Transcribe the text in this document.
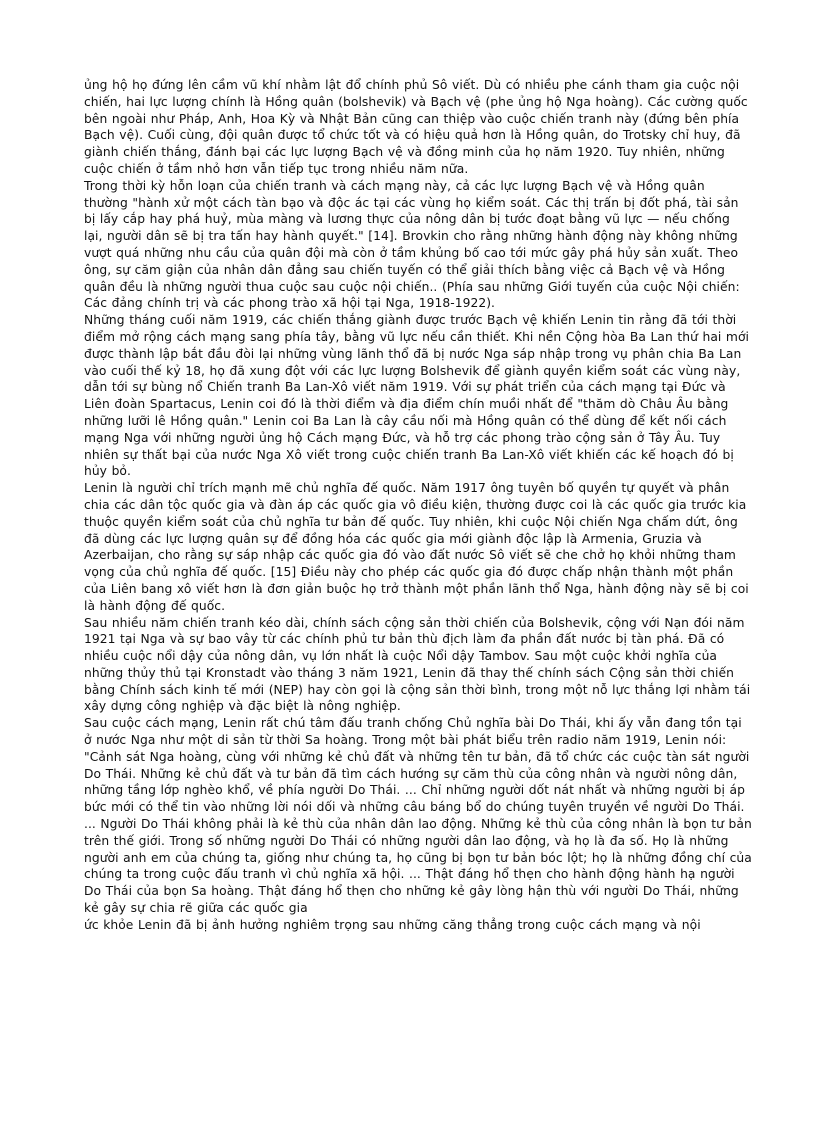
ủng hộ họ đứng lên cầm vũ khí nhằm lật đổ chính phủ Sô viết. Dù có nhiều phe cánh tham gia cuộc nội chiến, hai lực lượng chính là Hồng quân (bolshevik) và Bạch vệ (phe ủng hộ Nga hoàng). Các cường quốc bên ngoài như Pháp, Anh, Hoa Kỳ và Nhật Bản cũng can thiệp vào cuộc chiến tranh này (đứng bên phía Bạch vệ). Cuối cùng, đội quân được tổ chức tốt và có hiệu quả hơn là Hồng quân, do Trotsky chỉ huy, đã giành chiến thắng, đánh bại các lực lượng Bạch vệ và đồng minh của họ năm 1920. Tuy nhiên, những cuộc chiến ở tầm nhỏ hơn vẫn tiếp tục trong nhiều năm nữa.

Trong thời kỳ hỗn loạn của chiến tranh và cách mạng này, cả các lực lượng Bạch vệ và Hồng quân thường "hành xử một cách tàn bạo và độc ác tại các vùng họ kiểm soát. Các thị trấn bị đốt phá, tài sản bị lấy cắp hay phá huỷ, mùa màng và lương thực của nông dân bị tước đoạt bằng vũ lực — nếu chống lại, người dân sẽ bị tra tấn hay hành quyết." [14]. Brovkin cho rằng những hành động này không những vượt quá những nhu cầu của quân đội mà còn ở tầm khủng bố cao tới mức gây phá hủy sản xuất. Theo ông, sự căm giận của nhân dân đẳng sau chiến tuyến có thể giải thích bằng việc cả Bạch vệ và Hồng quân đều là những người thua cuộc sau cuộc nội chiến.. (Phía sau những Giới tuyến của cuộc Nội chiến: Các đảng chính trị và các phong trào xã hội tại Nga, 1918-1922).

Những tháng cuối năm 1919, các chiến thắng giành được trước Bạch vệ khiến Lenin tin rằng đã tới thời điểm mở rộng cách mạng sang phía tây, bằng vũ lực nếu cần thiết. Khi nền Cộng hòa Ba Lan thứ hai mới được thành lập bắt đầu đòi lại những vùng lãnh thổ đã bị nước Nga sáp nhập trong vụ phân chia Ba Lan vào cuối thế kỷ 18, họ đã xung đột với các lực lượng Bolshevik để giành quyền kiểm soát các vùng này, dẫn tới sự bùng nổ Chiến tranh Ba Lan-Xô viết năm 1919. Với sự phát triển của cách mạng tại Đức và Liên đoàn Spartacus, Lenin coi đó là thời điểm và địa điểm chín muồi nhất để "thăm dò Châu Âu bằng những lưỡi lê Hồng quân." Lenin coi Ba Lan là cây cầu nối mà Hồng quân có thể dùng để kết nối cách mạng Nga với những người ủng hộ Cách mạng Đức, và hỗ trợ các phong trào cộng sản ở Tây Âu. Tuy nhiên sự thất bại của nước Nga Xô viết trong cuộc chiến tranh Ba Lan-Xô viết khiến các kế hoạch đó bị hủy bỏ.

Lenin là người chỉ trích mạnh mẽ chủ nghĩa đế quốc. Năm 1917 ông tuyên bố quyền tự quyết và phân chia các dân tộc quốc gia và đàn áp các quốc gia vô điều kiện, thường được coi là các quốc gia trước kia thuộc quyền kiểm soát của chủ nghĩa tư bản đế quốc. Tuy nhiên, khi cuộc Nội chiến Nga chấm dứt, ông đã dùng các lực lượng quân sự để đồng hóa các quốc gia mới giành độc lập là Armenia, Gruzia và Azerbaijan, cho rằng sự sáp nhập các quốc gia đó vào đất nước Sô viết sẽ che chở họ khỏi những tham vọng của chủ nghĩa đế quốc. [15] Điều này cho phép các quốc gia đó được chấp nhận thành một phần của Liên bang xô viết hơn là đơn giản buộc họ trở thành một phần lãnh thổ Nga, hành động này sẽ bị coi là hành động đế quốc.

Sau nhiều năm chiến tranh kéo dài, chính sách cộng sản thời chiến của Bolshevik, cộng với Nạn đói năm 1921 tại Nga và sự bao vây từ các chính phủ tư bản thù địch làm đa phần đất nước bị tàn phá. Đã có nhiều cuộc nổi dậy của nông dân, vụ lớn nhất là cuộc Nổi dậy Tambov. Sau một cuộc khởi nghĩa của những thủy thủ tại Kronstadt vào tháng 3 năm 1921, Lenin đã thay thế chính sách Cộng sản thời chiến bằng Chính sách kinh tế mới (NEP) hay còn gọi là cộng sản thời bình, trong một nỗ lực thắng lợi nhằm tái xây dựng công nghiệp và đặc biệt là nông nghiệp.

Sau cuộc cách mạng, Lenin rất chú tâm đấu tranh chống Chủ nghĩa bài Do Thái, khi ấy vẫn đang tồn tại ở nước Nga như một di sản từ thời Sa hoàng. Trong một bài phát biểu trên radio năm 1919, Lenin nói: "Cảnh sát Nga hoàng, cùng với những kẻ chủ đất và những tên tư bản, đã tổ chức các cuộc tàn sát người Do Thái. Những kẻ chủ đất và tư bản đã tìm cách hướng sự căm thù của công nhân và người nông dân, những tầng lớp nghèo khổ, về phía người Do Thái. ... Chỉ những người dốt nát nhất và những người bị áp bức mới có thể tin vào những lời nói dối và những câu báng bổ do chúng tuyên truyền về người Do Thái. ... Người Do Thái không phải là kẻ thù của nhân dân lao động. Những kẻ thù của công nhân là bọn tư bản trên thế giới. Trong số những người Do Thái có những người dân lao động, và họ là đa số. Họ là những người anh em của chúng ta, giống như chúng ta, họ cũng bị bọn tư bản bóc lột; họ là những đồng chí của chúng ta trong cuộc đấu tranh vì chủ nghĩa xã hội. ... Thật đáng hổ thẹn cho hành động hành hạ người Do Thái của bọn Sa hoàng. Thật đáng hổ thẹn cho những kẻ gây lòng hận thù với người Do Thái, những kẻ gây sự chia rẽ giữa các quốc gia

ức khỏe Lenin đã bị ảnh hưởng nghiêm trọng sau những căng thẳng trong cuộc cách mạng và nội
